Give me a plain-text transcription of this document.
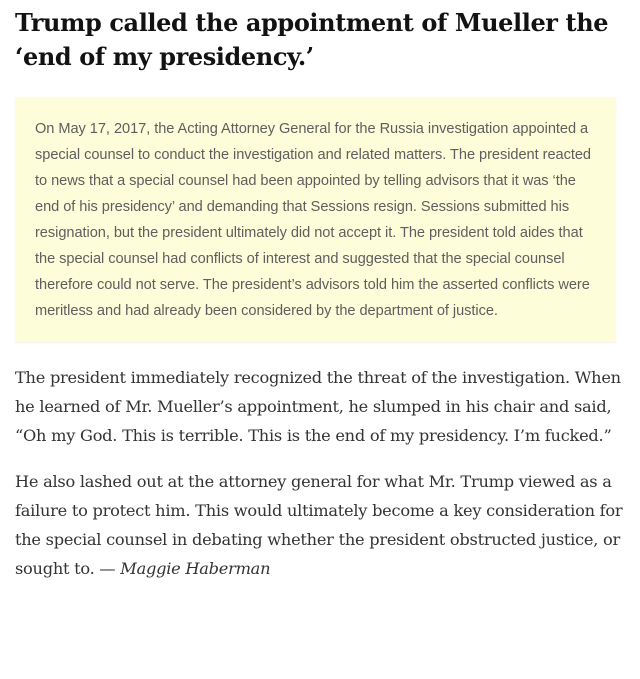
Trump called the appointment of Mueller the ‘end of my presidency.’

On May 17, 2017, the Acting Attorney General for the Russia investigation appointed a special counsel to conduct the investigation and related matters. The president reacted to news that a special counsel had been appointed by telling advisors that it was ‘the end of his presidency’ and demanding that Sessions resign. Sessions submitted his resignation, but the president ultimately did not accept it. The president told aides that the special counsel had conflicts of interest and suggested that the special counsel therefore could not serve. The president’s advisors told him the asserted conflicts were meritless and had already been considered by the department of justice.

The president immediately recognized the threat of the investigation. When he learned of Mr. Mueller’s appointment, he slumped in his chair and said, “Oh my God. This is terrible. This is the end of my presidency. I’m fucked.”

He also lashed out at the attorney general for what Mr. Trump viewed as a failure to protect him. This would ultimately become a key consideration for the special counsel in debating whether the president obstructed justice, or sought to. — Maggie Haberman
